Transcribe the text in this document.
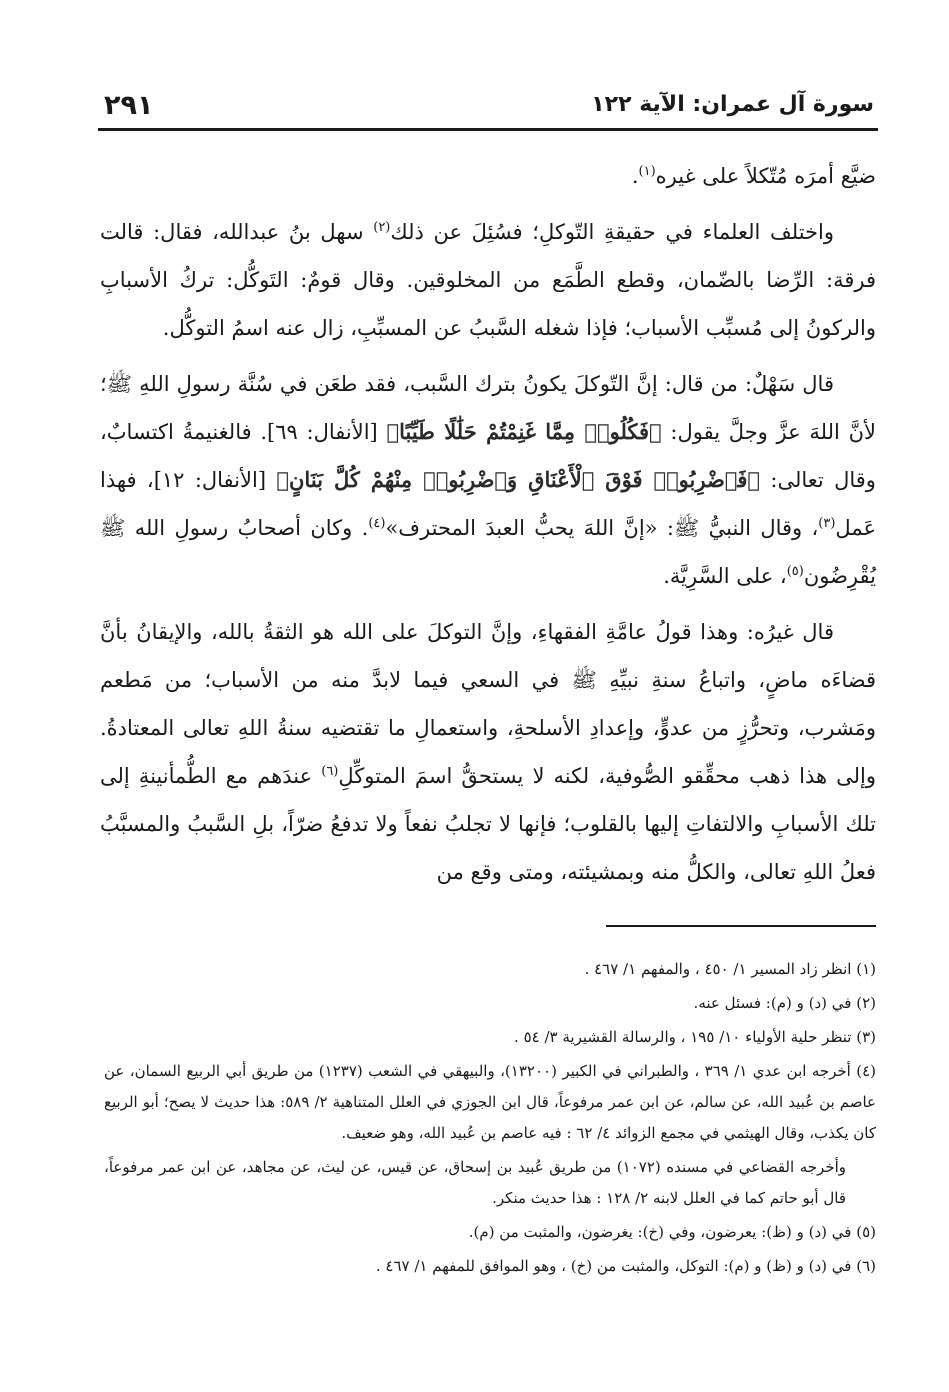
٢٩١	سورة آل عمران: الآية ١٢٢

ضيَّع أمرَه مُتّكلاً على غيره$^{(١)}$.

واختلف العلماء في حقيقةِ التّوكلِ؛ فسُئِلَ عن ذلك$^{(٢)}$ سهل بنُ عبدالله، فقال: قالت فرقة: الرِّضا بالضّمان، وقطع الطَّمَع من المخلوقين. وقال قومٌ: التَوكُّل: تركُ الأسبابِ والركونُ إلى مُسبِّب الأسباب؛ فإذا شغله السَّببُ عن المسبِّبِ، زال عنه اسمُ التوكُّل.

قال سَهْلٌ: من قال: إنَّ التّوكلَ يكونُ بترك السَّبب، فقد طعَن في سُنَّة رسولِ اللهِ ﷺ؛ لأنَّ اللهَ عزَّ وجلَّ يقول: ﴿فَكُلُوا۟ مِمَّا غَنِمْتُمْ حَلَٰلًا طَيِّبًا﴾ [الأنفال: ٦٩]. فالغنيمةُ اكتسابٌ، وقال تعالى: ﴿فَٱضْرِبُوا۟ فَوْقَ ٱلْأَعْنَاقِ وَٱضْرِبُوا۟ مِنْهُمْ كُلَّ بَنَانٍ﴾ [الأنفال: ١٢]، فهذا عَمل$^{(٣)}$، وقال النبيُّ ﷺ: «إنَّ اللهَ يحبُّ العبدَ المحترف»$^{(٤)}$. وكان أصحابُ رسولِ الله ﷺ يُقْرِضُون$^{(٥)}$، على السَّرِيَّة.

قال غيرُه: وهذا قولُ عامَّةِ الفقهاءِ، وإنَّ التوكلَ على الله هو الثقةُ بالله، والإيقانُ بأنَّ قضاءَه ماضٍ، واتباعُ سنةِ نبيِّهِ ﷺ في السعي فيما لابدَّ منه من الأسباب؛ من مَطعم ومَشرب، وتحرُّزٍ من عدوٍّ، وإعدادِ الأسلحةِ، واستعمالِ ما تقتضيه سنةُ اللهِ تعالى المعتادةُ. وإلى هذا ذهب محقِّقو الصُّوفية، لكنه لا يستحقُّ اسمَ المتوكِّلِ$^{(٦)}$ عندَهم مع الطُّمأنينةِ إلى تلك الأسبابِ والالتفاتِ إليها بالقلوب؛ فإنها لا تجلبُ نفعاً ولا تدفعُ ضرّاً، بلِ السَّببُ والمسبَّبُ فعلُ اللهِ تعالى، والكلُّ منه وبمشيئته، ومتى وقع من

(١) انظر زاد المسير ١/ ٤٥٠ ، والمفهم ١/ ٤٦٧ .

(٢) في (د) و (م): فسئل عنه.

(٣) تنظر حلية الأولياء ١٠/ ١٩٥ ، والرسالة القشيرية ٣/ ٥٤ .

(٤) أخرجه ابن عدي ١/ ٣٦٩ ، والطبراني في الكبير (١٣٢٠٠)، والبيهقي في الشعب (١٢٣٧) من طريق أبي الربيع السمان، عن عاصم بن عُبيد الله، عن سالم، عن ابن عمر مرفوعاً، قال ابن الجوزي في العلل المتناهية ٢/ ٥٨٩: هذا حديث لا يصح؛ أبو الربيع كان يكذب، وقال الهيثمي في مجمع الزوائد ٤/ ٦٢ : فيه عاصم بن عُبيد الله، وهو ضعيف.

وأخرجه القضاعي في مسنده (١٠٧٢) من طريق عُبيد بن إسحاق، عن قيس، عن ليث، عن مجاهد، عن ابن عمر مرفوعاً، قال أبو حاتم كما في العلل لابنه ٢/ ١٢٨ : هذا حديث منكر.

(٥) في (د) و (ظ): يعرضون، وفي (خ): يغرضون، والمثبت من (م).

(٦) في (د) و (ظ) و (م): التوكل، والمثبت من (خ) ، وهو الموافق للمفهم ١/ ٤٦٧ .
